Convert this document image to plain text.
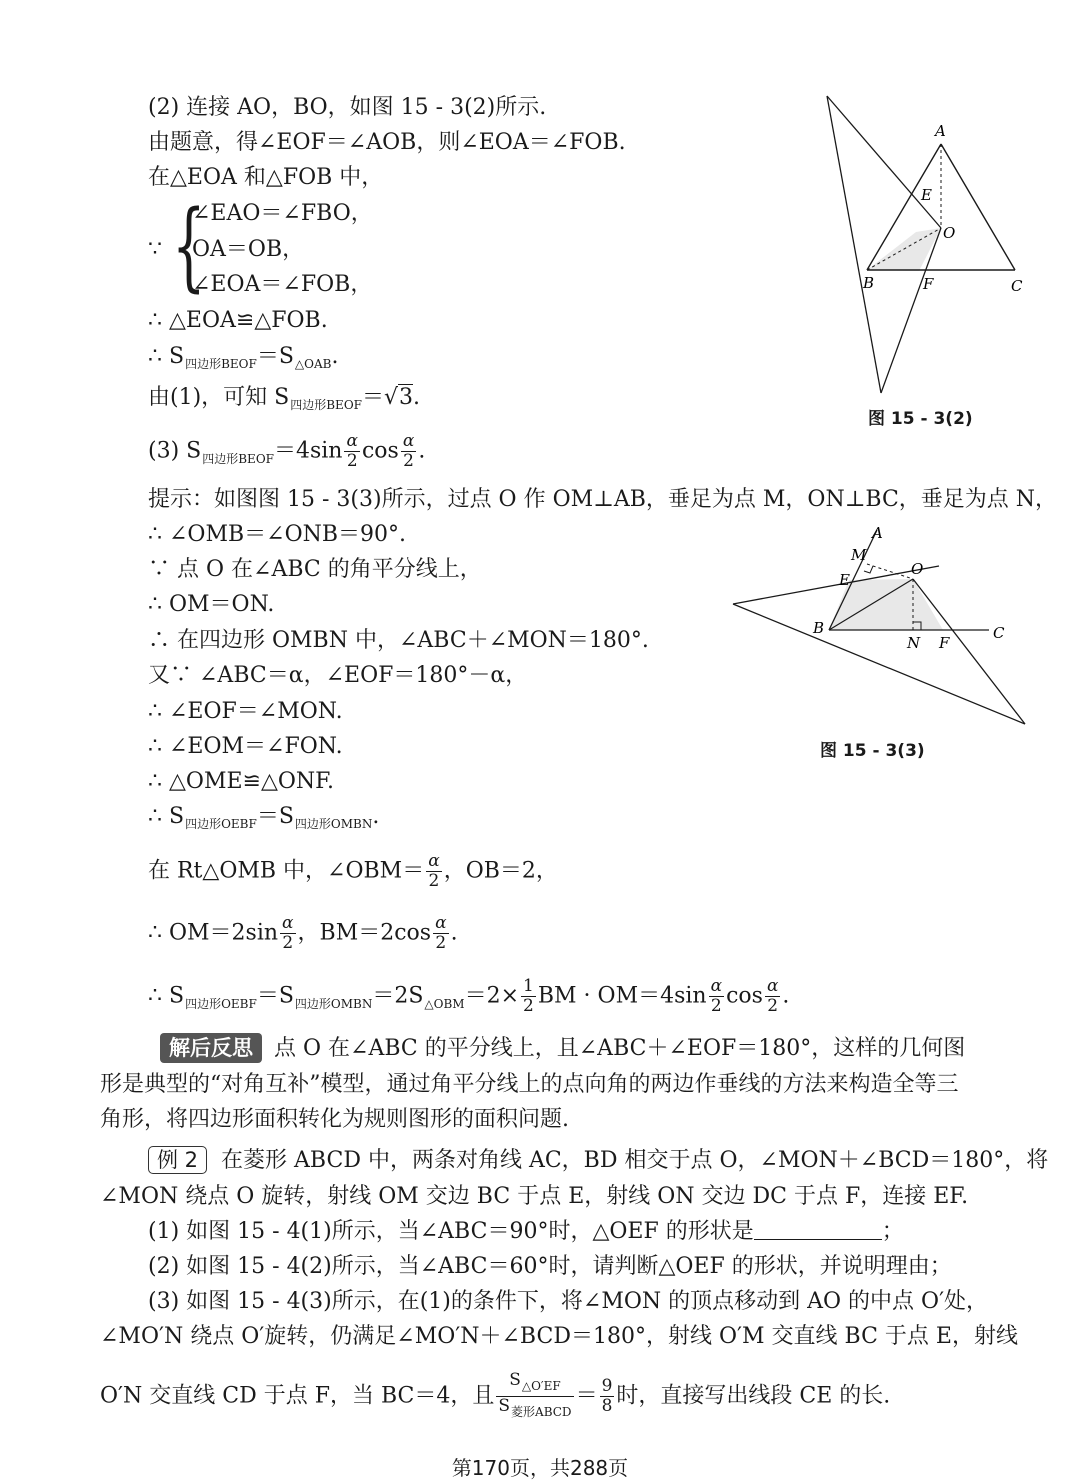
(2) 连接 AO，BO，如图 15 - 3(2)所示.
由题意，得∠EOF＝∠AOB，则∠EOA＝∠FOB.
在△EOA 和△FOB 中，
∵ {
∠EAO＝∠FBO，
OA＝OB，
∠EOA＝∠FOB，
∴ △EOA≌△FOB.
∴ $S_{四边形BEOF}=S_{\triangle OAB}$.
由(1)，可知 $S_{四边形BEOF}=√3$.
(3) $S_{四边形BEOF}=4\sin \frac{\alpha}{2}$ $\cos \frac{\alpha}{2}$ .
提示：如图图 15 - 3(3)所示，过点 O 作 OM⊥AB，垂足为点 M，ON⊥BC，垂足为点 N，
∴ ∠OMB＝∠ONB＝90°.
∵ 点 O 在∠ABC 的角平分线上，
∴ OM＝ON.
∴ 在四边形 OMBN 中，∠ABC＋∠MON＝180°.
又∵ ∠ABC＝α，∠EOF＝180°－α，
∴ ∠EOF＝∠MON.
∴ ∠EOM＝∠FON.
∴ △OME≌△ONF.
∴ $S_{四边形OEBF}=S_{四边形OMBN}$.
在 Rt△OMB 中，∠OBM＝ $\frac{\alpha}{2}$ ，OB＝2，
∴ $OM=2\sin \frac{\alpha}{2}$ ，$BM=2\cos \frac{\alpha}{2}$ .
∴ $S_{四边形OEBF}=S_{四边形OMBN}=2S_{\triangle OBM}=2\times \frac{1}{2}$ BM · $OM=4\sin \frac{\alpha}{2}$ $\cos \frac{\alpha}{2}$ .
解后反思 点 O 在∠ABC 的平分线上，且∠ABC＋∠EOF＝180°，这样的几何图
形是典型的“对角互补”模型，通过角平分线上的点向角的两边作垂线的方法来构造全等三
角形，将四边形面积转化为规则图形的面积问题.
例 2 在菱形 ABCD 中，两条对角线 AC，BD 相交于点 O，∠MON＋∠BCD＝180°，将
∠MON 绕点 O 旋转，射线 OM 交边 BC 于点 E，射线 ON 交边 DC 于点 F，连接 EF.
(1) 如图 15 - 4(1)所示，当∠ABC＝90°时，△OEF 的形状是	；
(2) 如图 15 - 4(2)所示，当∠ABC＝60°时，请判断△OEF 的形状，并说明理由；
(3) 如图 15 - 4(3)所示，在(1)的条件下，将∠MON 的顶点移动到 AO 的中点 O′处，
∠MO′N 绕点 O′旋转，仍满足∠MO′N＋∠BCD＝180°，射线 O′M 交直线 BC 于点 E，射线
O′N 交直线 CD 于点 F，当 BC＝4，且 $\frac{S_{\triangle O'EF}}{S_{菱形ABCD}} = \frac{9}{8}$ 时，直接写出线段 CE 的长.
A
E
O
B	F	C
图 15 - 3(2)
A
M
E
O
B
N F
C
图 15 - 3(3)
第170页，共288页
